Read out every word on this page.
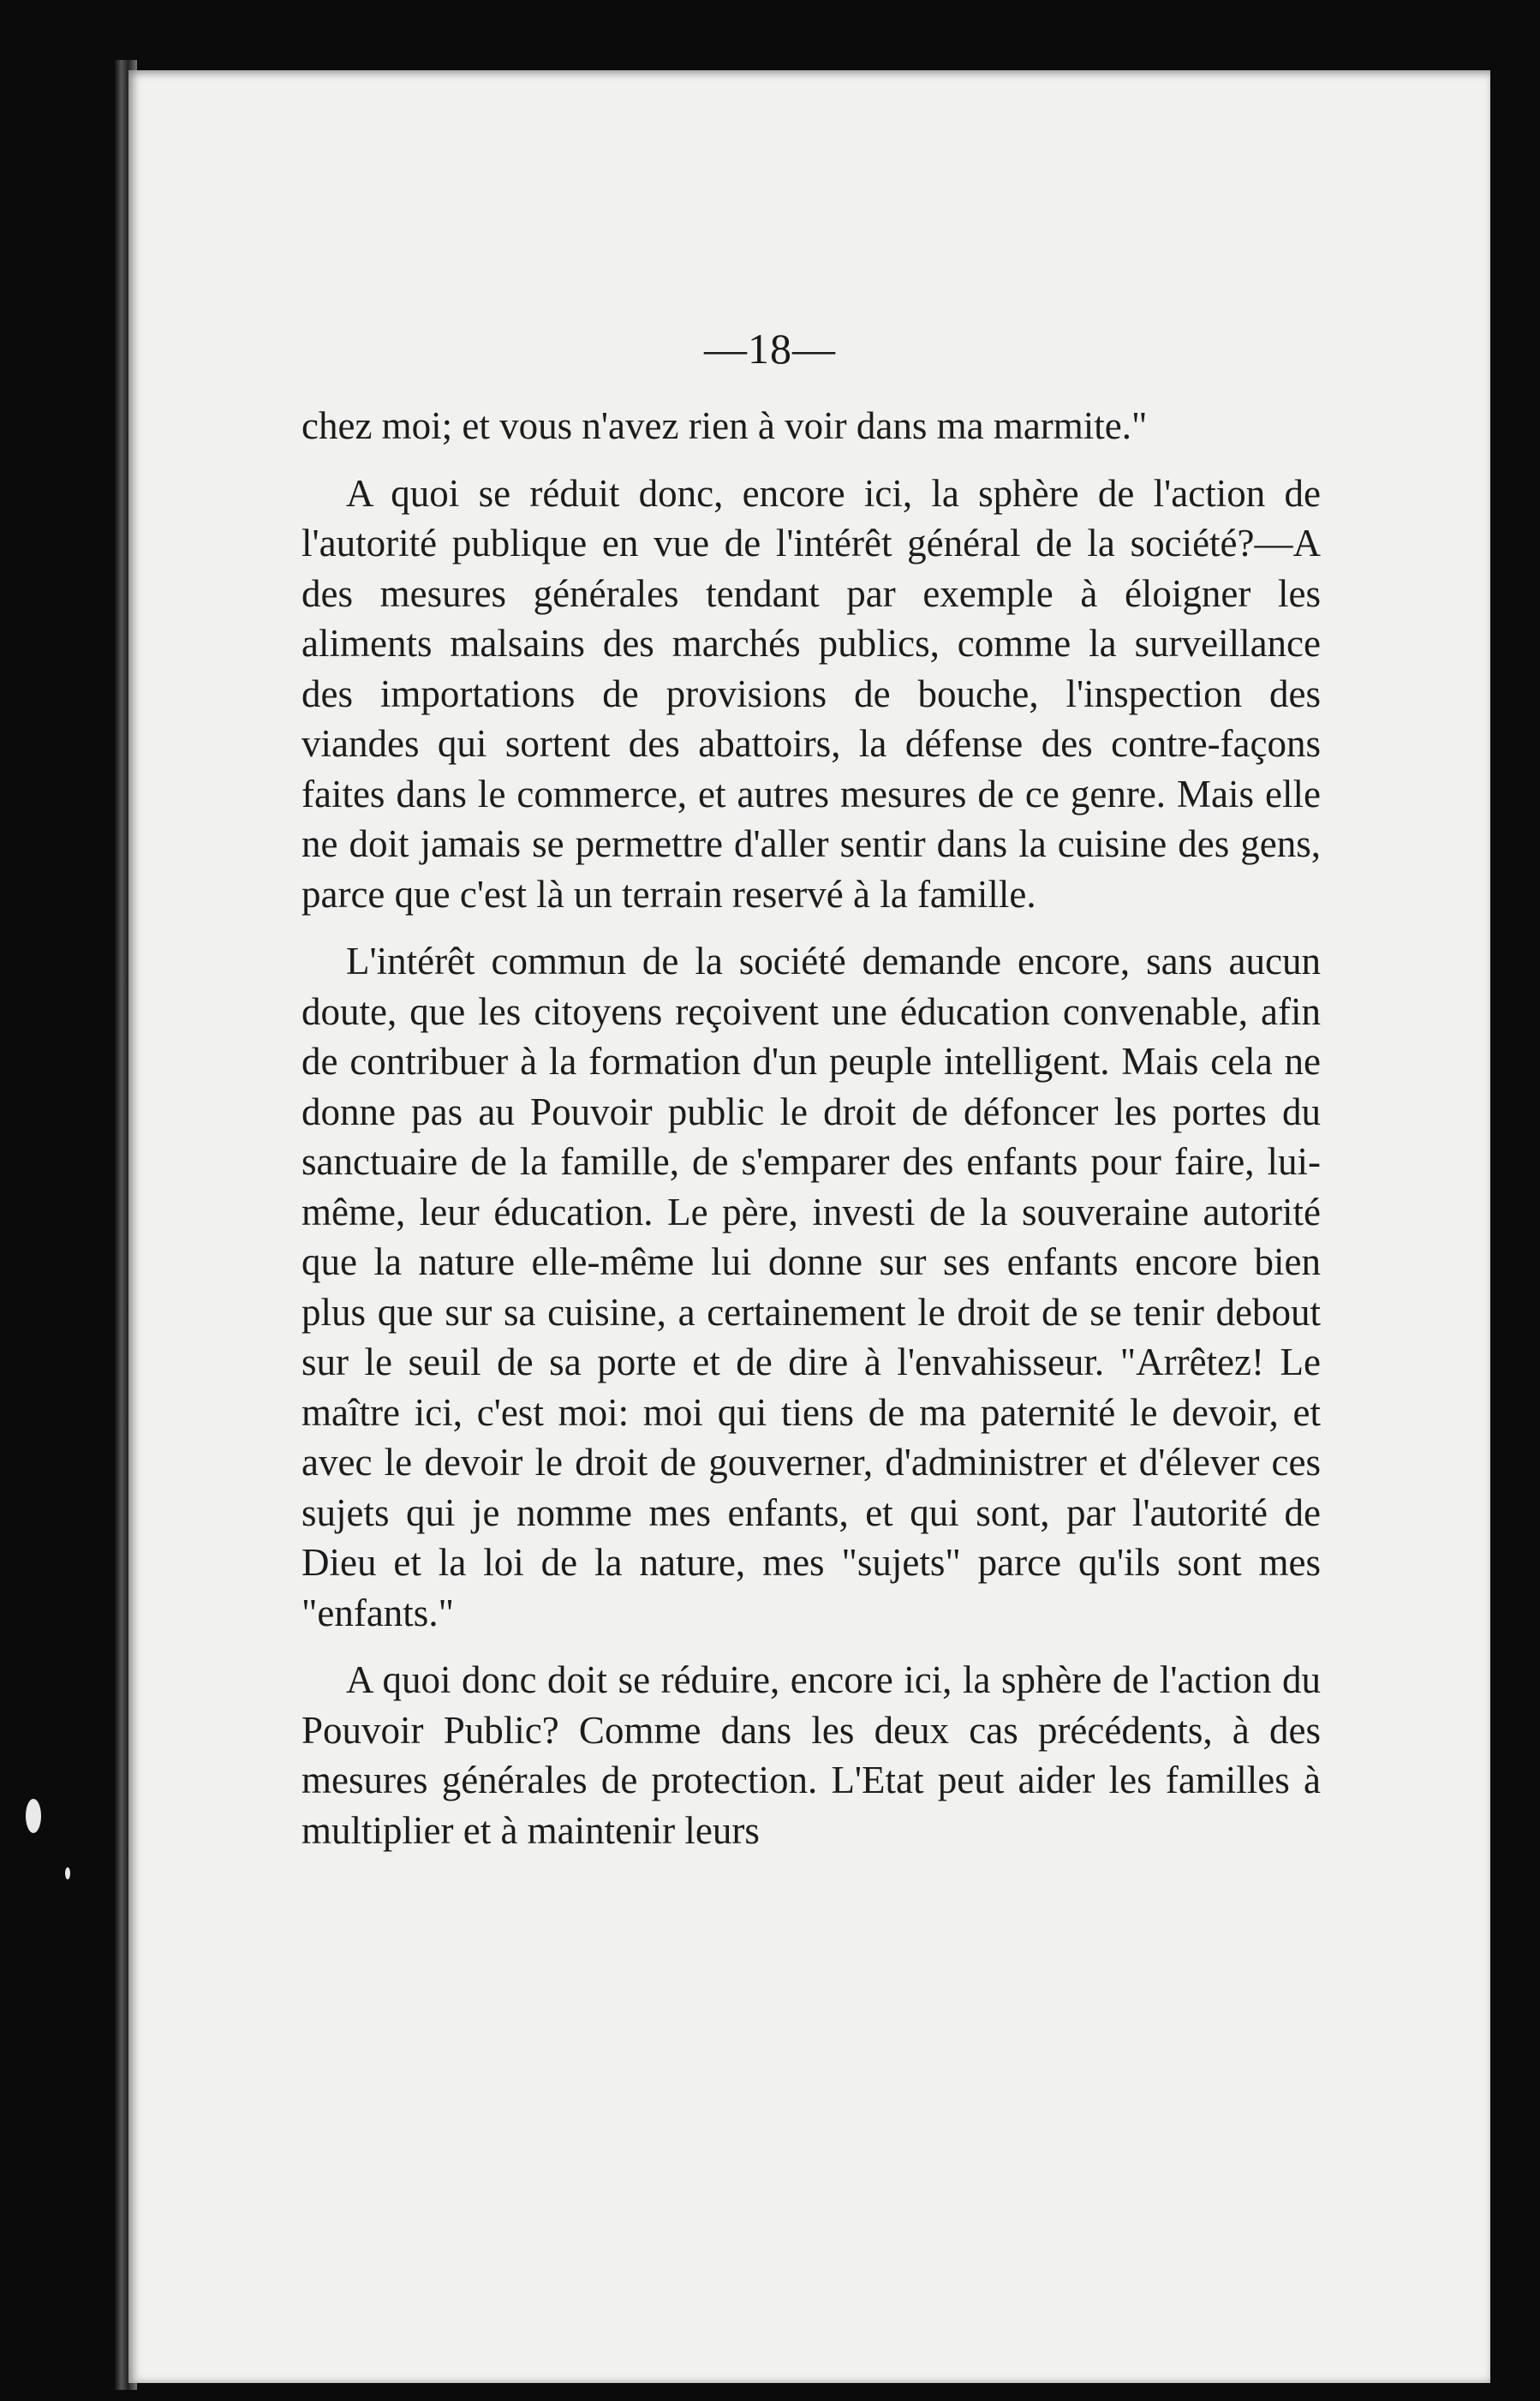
—18—

chez moi; et vous n'avez rien à voir dans ma marmite."

A quoi se réduit donc, encore ici, la sphère de l'action de l'autorité publique en vue de l'intérêt général de la société?—A des mesures générales tendant par exemple à éloigner les aliments malsains des marchés publics, comme la surveillance des importations de provisions de bouche, l'inspection des viandes qui sortent des abattoirs, la défense des contre-façons faites dans le commerce, et autres mesures de ce genre. Mais elle ne doit jamais se permettre d'aller sentir dans la cuisine des gens, parce que c'est là un terrain reservé à la famille.

L'intérêt commun de la société demande encore, sans aucun doute, que les citoyens reçoivent une éducation convenable, afin de contribuer à la formation d'un peuple intelligent. Mais cela ne donne pas au Pouvoir public le droit de défoncer les portes du sanctuaire de la famille, de s'emparer des enfants pour faire, lui-même, leur éducation. Le père, investi de la souveraine autorité que la nature elle-même lui donne sur ses enfants encore bien plus que sur sa cuisine, a certainement le droit de se tenir debout sur le seuil de sa porte et de dire à l'envahisseur. "Arrêtez! Le maître ici, c'est moi: moi qui tiens de ma paternité le devoir, et avec le devoir le droit de gouverner, d'administrer et d'élever ces sujets qui je nomme mes enfants, et qui sont, par l'autorité de Dieu et la loi de la nature, mes "sujets" parce qu'ils sont mes "enfants."

A quoi donc doit se réduire, encore ici, la sphère de l'action du Pouvoir Public? Comme dans les deux cas précédents, à des mesures générales de protection. L'Etat peut aider les familles à multiplier et à maintenir leurs
